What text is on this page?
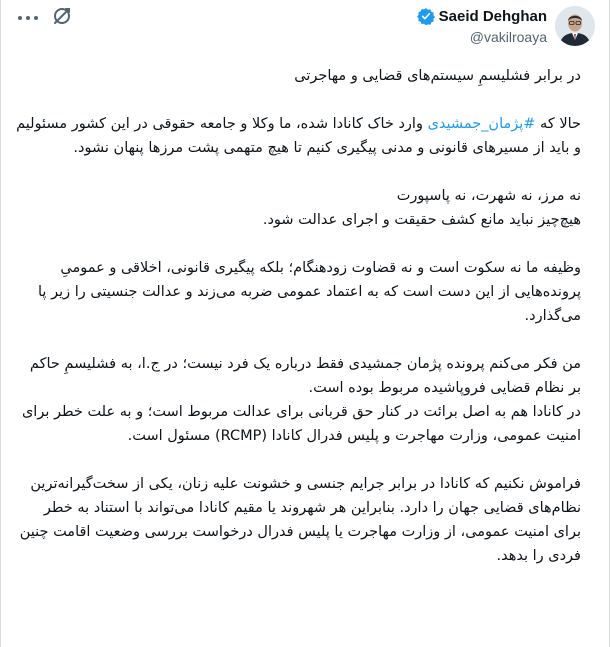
Saeid Dehghan
@vakilroaya

در برابر فشلیسمِ سیستم‌های قضایی و مهاجرتی

حالا که #پژمان_جمشیدی وارد خاک کانادا شده، ما وکلا و جامعه حقوقی در این کشور مسئولیم و باید از مسیرهای قانونی و مدنی پیگیری کنیم تا هیچ متهمی پشت مرزها پنهان نشود.

نه مرز، نه شهرت، نه پاسپورت

هیچ‌چیز نباید مانع کشف حقیقت و اجرای عدالت شود.

وظیفه ما نه سکوت است و نه قضاوت زودهنگام؛ بلکه پیگیری قانونی، اخلاقی و عمومیِ پرونده‌هایی از این دست است که به اعتماد عمومی ضربه می‌زند و عدالت جنسیتی را زیر پا می‌گذارد.

من فکر می‌کنم پرونده پژمان جمشیدی فقط درباره یک فرد نیست؛ در ج.ا، به فشلیسمِ حاکم بر نظام قضایی فروپاشیده مربوط بوده است.

در کانادا هم به اصل برائت در کنار حق قربانی برای عدالت مربوط است؛ و به علت خطر برای امنیت عمومی، وزارت مهاجرت و پلیس فدرال کانادا (RCMP) مسئول است.

فراموش نکنیم که کانادا در برابر جرایم جنسی و خشونت علیه زنان، یکی از سخت‌گیرانه‌ترین نظام‌های قضایی جهان را دارد. بنابراین هر شهروند یا مقیم کانادا می‌تواند با استناد به خطر برای امنیت عمومی، از وزارت مهاجرت یا پلیس فدرال درخواست بررسی وضعیت اقامت چنین فردی را بدهد.
